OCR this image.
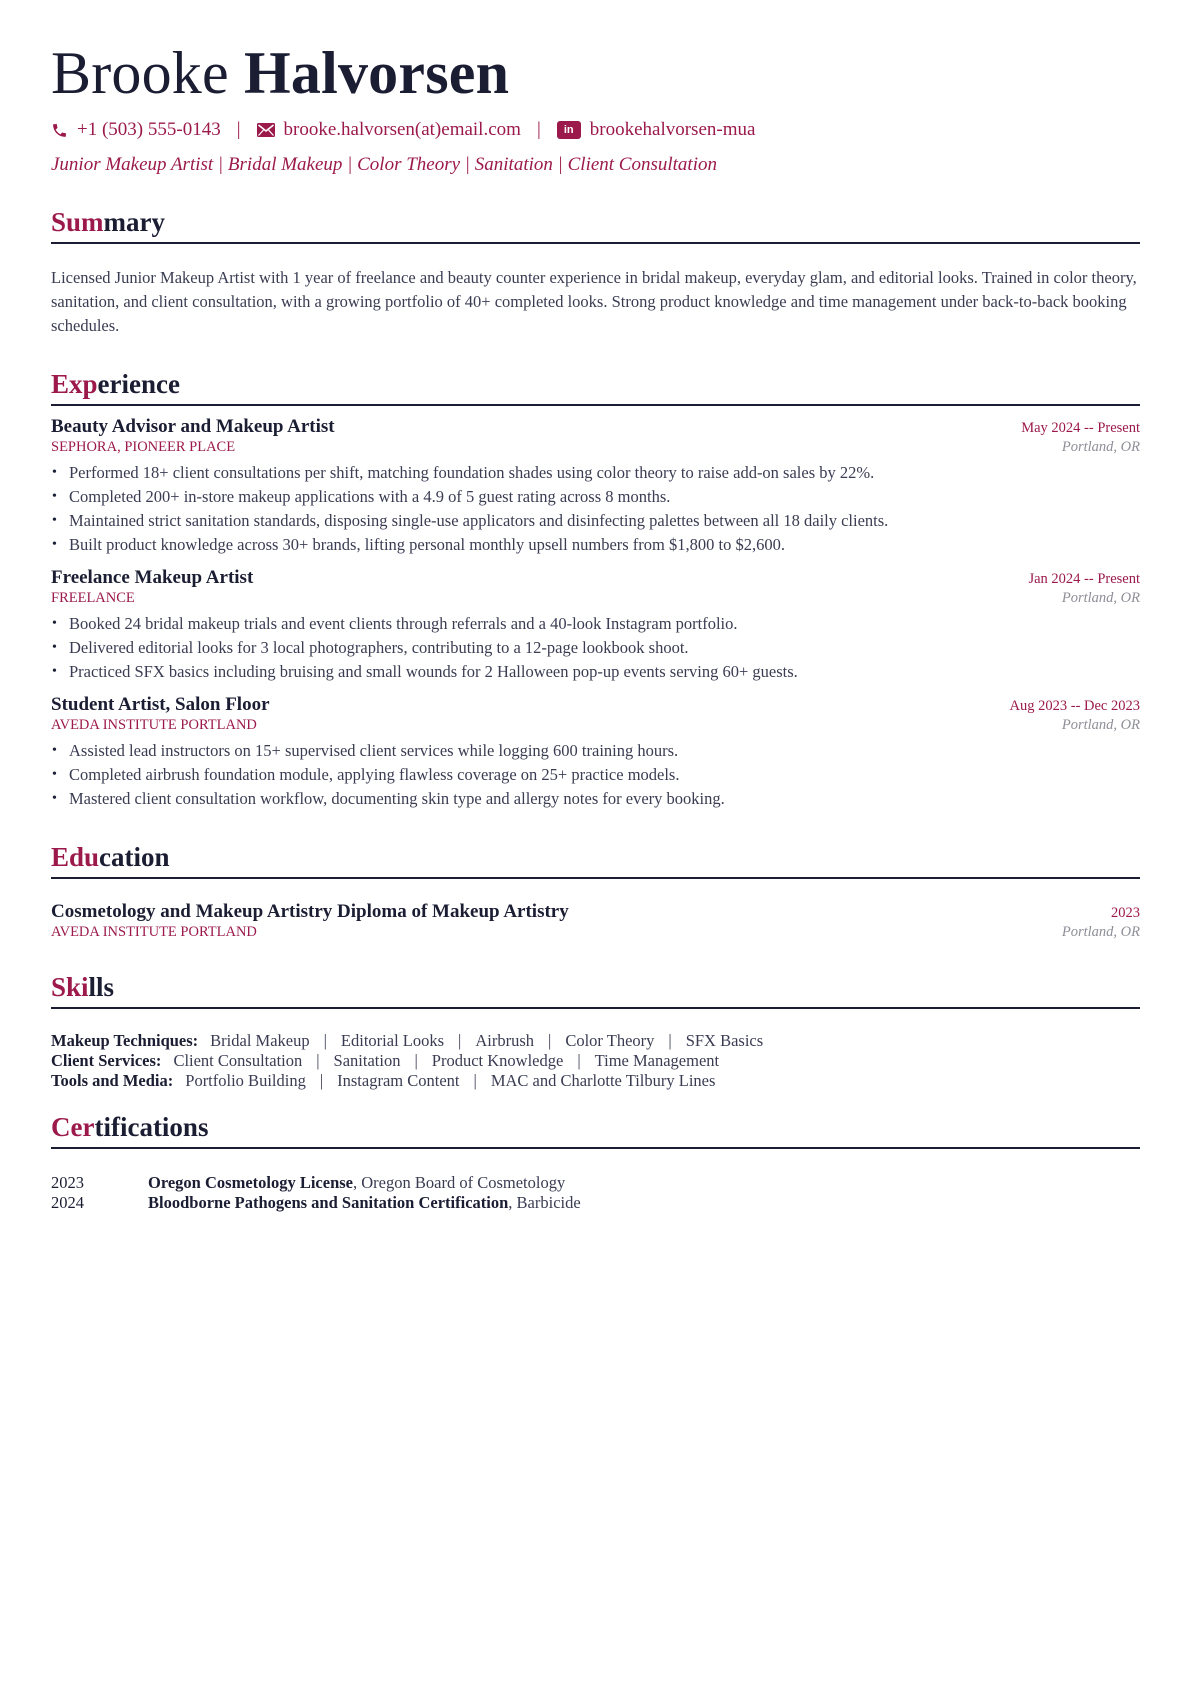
Brooke Halvorsen
+1 (503) 555-0143 | brooke.halvorsen(at)email.com |	in brookehalvorsen-mua
Junior Makeup Artist | Bridal Makeup | Color Theory | Sanitation | Client Consultation
Summary

Licensed Junior Makeup Artist with 1 year of freelance and beauty counter experience in bridal makeup, everyday glam, and editorial looks. Trained in color theory, sanitation, and client consultation, with a growing portfolio of 40+ completed looks. Strong product knowledge and time management under back-to-back booking schedules.

Experience
Beauty Advisor and Makeup Artist	May 2024 -- Present
SEPHORA, PIONEER PLACE	Portland, OR
• Performed 18+ client consultations per shift, matching foundation shades using color theory to raise add-on sales by 22%.
• Completed 200+ in-store makeup applications with a 4.9 of 5 guest rating across 8 months.
• Maintained strict sanitation standards, disposing single-use applicators and disinfecting palettes between all 18 daily clients.
• Built product knowledge across 30+ brands, lifting personal monthly upsell numbers from $1,800 to $2,600.
Freelance Makeup Artist	Jan 2024 -- Present
FREELANCE	Portland, OR
• Booked 24 bridal makeup trials and event clients through referrals and a 40-look Instagram portfolio.
• Delivered editorial looks for 3 local photographers, contributing to a 12-page lookbook shoot.
• Practiced SFX basics including bruising and small wounds for 2 Halloween pop-up events serving 60+ guests.
Student Artist, Salon Floor	Aug 2023 -- Dec 2023
AVEDA INSTITUTE PORTLAND	Portland, OR
• Assisted lead instructors on 15+ supervised client services while logging 600 training hours.
• Completed airbrush foundation module, applying flawless coverage on 25+ practice models.
• Mastered client consultation workflow, documenting skin type and allergy notes for every booking.
Education
Cosmetology and Makeup Artistry Diploma of Makeup Artistry	2023
AVEDA INSTITUTE PORTLAND	Portland, OR
Skills
Makeup Techniques: Bridal Makeup | Editorial Looks | Airbrush | Color Theory | SFX Basics
Client Services: Client Consultation | Sanitation | Product Knowledge | Time Management
Tools and Media: Portfolio Building | Instagram Content | MAC and Charlotte Tilbury Lines
Certifications
2023	Oregon Cosmetology License, Oregon Board of Cosmetology
2024	Bloodborne Pathogens and Sanitation Certification, Barbicide
